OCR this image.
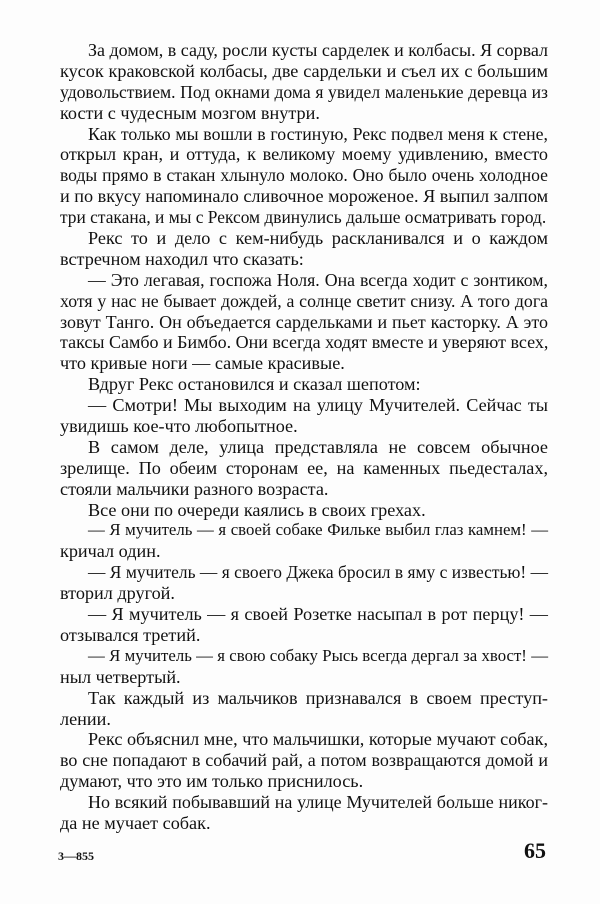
За домом, в саду, росли кусты сарделек и колбасы. Я сорвал
кусок краковской колбасы, две сардельки и съел их с большим
удовольствием. Под окнами дома я увидел маленькие деревца из
кости с чудесным мозгом внутри.
Как только мы вошли в гостиную, Рекс подвел меня к стене,
открыл кран, и оттуда, к великому моему удивлению, вместо
воды прямо в стакан хлынуло молоко. Оно было очень холодное
и по вкусу напоминало сливочное мороженое. Я выпил залпом
три стакана, и мы с Рексом двинулись дальше осматривать город.
Рекс то и дело с кем-нибудь раскланивался и о каждом
встречном находил что сказать:
— Это легавая, госпожа Ноля. Она всегда ходит с зонтиком,
хотя у нас не бывает дождей, а солнце светит снизу. А того дога
зовут Танго. Он объедается сардельками и пьет касторку. А это
таксы Самбо и Бимбо. Они всегда ходят вместе и уверяют всех,
что кривые ноги — самые красивые.
Вдруг Рекс остановился и сказал шепотом:
— Смотри! Мы выходим на улицу Мучителей. Сейчас ты
увидишь кое-что любопытное.
В самом деле, улица представляла не совсем обычное
зрелище. По обеим сторонам ее, на каменных пьедесталах,
стояли мальчики разного возраста.
Все они по очереди каялись в своих грехах.
— Я мучитель — я своей собаке Фильке выбил глаз камнем! —
кричал один.
— Я мучитель — я своего Джека бросил в яму с известью! —
вторил другой.
— Я мучитель — я своей Розетке насыпал в рот перцу! —
отзывался третий.
— Я мучитель — я свою собаку Рысь всегда дергал за хвост! —
ныл четвертый.
Так каждый из мальчиков признавался в своем преступ-
лении.
Рекс объяснил мне, что мальчишки, которые мучают собак,
во сне попадают в собачий рай, а потом возвращаются домой и
думают, что это им только приснилось.
Но всякий побывавший на улице Мучителей больше никог-
да не мучает собак.
3—855	65
